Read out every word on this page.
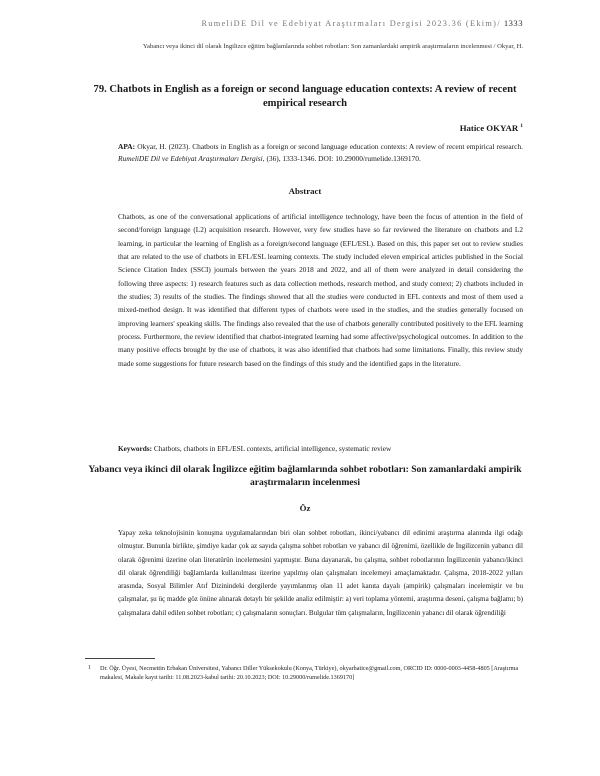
RumeliDE Dil ve Edebiyat Araştırmaları Dergisi 2023.36 (Ekim)/ 1333
Yabancı veya ikinci dil olarak İngilizce eğitim bağlamlarında sohbet robotları: Son zamanlardaki ampirik araştırmaların incelenmesi / Okyar, H.
79. Chatbots in English as a foreign or second language education contexts: A review of recent empirical research
Hatice OKYAR $^1$
APA: Okyar, H. (2023). Chatbots in English as a foreign or second language education contexts: A review of recent empirical research. RumeliDE Dil ve Edebiyat Araştırmaları Dergisi, (36), 1333-1346. DOI: 10.29000/rumelide.1369170.
Abstract

Chatbots, as one of the conversational applications of artificial intelligence technology, have been the focus of attention in the field of second/foreign language (L2) acquisition research. However, very few studies have so far reviewed the literature on chatbots and L2 learning, in particular the learning of English as a foreign/second language (EFL/ESL). Based on this, this paper set out to review studies that are related to the use of chatbots in EFL/ESL learning contexts. The study included eleven empirical articles published in the Social Science Citation Index (SSCI) journals between the years 2018 and 2022, and all of them were analyzed in detail considering the following three aspects: 1) research features such as data collection methods, research method, and study context; 2) chatbots included in the studies; 3) results of the studies. The findings showed that all the studies were conducted in EFL contexts and most of them used a mixed-method design. It was identified that different types of chatbots were used in the studies, and the studies generally focused on improving learners' speaking skills. The findings also revealed that the use of chatbots generally contributed positively to the EFL learning process. Furthermore, the review identified that chatbot-integrated learning had some affective/psychological outcomes. In addition to the many positive effects brought by the use of chatbots, it was also identified that chatbots had some limitations. Finally, this review study made some suggestions for future research based on the findings of this study and the identified gaps in the literature.

Keywords: Chatbots, chatbots in EFL/ESL contexts, artificial intelligence, systematic review
Yabancı veya ikinci dil olarak İngilizce eğitim bağlamlarında sohbet robotları: Son zamanlardaki ampirik araştırmaların incelenmesi
Öz

Yapay zeka teknolojisinin konuşma uygulamalarından biri olan sohbet robotları, ikinci/yabancı dil edinimi araştırma alanında ilgi odağı olmuştur. Bununla birlikte, şimdiye kadar çok az sayıda çalışma sohbet robotları ve yabancı dil öğrenimi, özellikle de İngilizcenin yabancı dil olarak öğrenimi üzerine olan literatürün incelemesini yapmıştır. Buna dayanarak, bu çalışma, sohbet robotlarının İngilizcenin yabancı/ikinci dil olarak öğrendiliği bağlamlarda kullanılması üzerine yapılmış olan çalışmaları incelemeyi amaçlamaktadır. Çalışma, 2018-2022 yılları arasında, Sosyal Bilimler Atıf Dizinindeki dergilerde yayımlanmış olan 11 adet kanıta dayalı (ampirik) çalışmaları incelemiştir ve bu çalışmalar, şu üç madde göz önüne alınarak detaylı bir şekilde analiz edilmiştir: a) veri toplama yöntemi, araştırma deseni, çalışma bağlamı; b) çalışmalara dahil edilen sohbet robotları; c) çalışmaların sonuçları. Bulgular tüm çalışmaların, İngilizcenin yabancı dil olarak öğrendiliği

1 Dr. Öğr. Üyesi, Necmettin Erbakan Üniversitesi, Yabancı Diller Yüksekokulu (Konya, Türkiye), okyarhatice@gmail.com, ORCID ID: 0000-0003-4458-4805 [Araştırma makalesi, Makale kayıt tarihi: 11.08.2023-kabul tarihi: 20.10.2023; DOI: 10.29000/rumelide.1369170]
